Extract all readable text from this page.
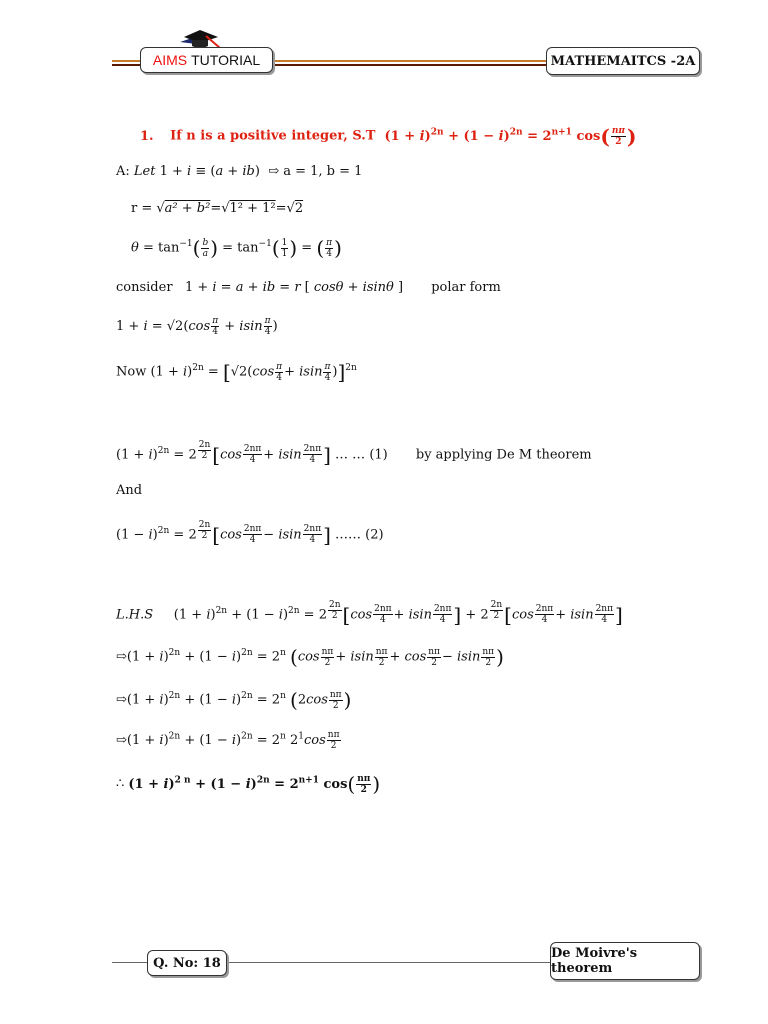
AIMS TUTORIAL	MATHEMAITCS -2A
1. If n is a positive integer, S.T $(1 + i)^{2n} + (1 - i)^{2n} = 2^{n+1}$ $\cos( \frac{n\pi}{2}$ )
A: Let 1 + i ≡ (a + ib)  ⇨ a = 1, b = 1
r = √a² + b²=√1² + 1²=√2
$\theta = \tan^{-1}( \frac{b}{a}$ ) = $\tan^{-1}( \frac{1}{1}$ ) = ( $\frac{\pi}{4}$ )
consider   1 + i = a + ib = r [ cosθ + isinθ ] polar form
$1 + i = √2(\cos \frac{\pi}{4} + isin \frac{\pi}{4}$ )
Now $(1 + i)^{2n} = [√2(\cos \frac{\pi}{4} + isin \frac{\pi}{4} )]^{2n}$
$(1 + i)^{2n} = 2$ $^{\frac{2n}{2}}$ [$\cos \frac{2n\pi}{4} + isin \frac{2n\pi}{4}$ ] … … (1) by applying De M theorem
And
$(1 - i)^{2n} = 2$ $^{\frac{2n}{2}}$ [$\cos \frac{2n\pi}{4} - isin \frac{2n\pi}{4}$ ] …… (2)
L.H.S     $(1 + i)^{2n} + (1 - i)^{2n} = 2$ $^{\frac{2n}{2}}$ [$\cos \frac{2n\pi}{4} + isin \frac{2n\pi}{4}$ ] + 2 $^{\frac{2n}{2}}$ [$\cos \frac{2n\pi}{4} + isin \frac{2n\pi}{4}$ ]
⇨(1 + $i)^{2n} + (1 - i)^{2n} = 2^n$ ($\cos \frac{n\pi}{2} + isin \frac{n\pi}{2} + \cos \frac{n\pi}{2} - isin \frac{n\pi}{2}$ )
⇨(1 + $i)^{2n} + (1 - i)^{2n} = 2^n$ ($2\cos \frac{n\pi}{2}$ )
⇨(1 + $i)^{2n} + (1 - i)^{2n} = 2^n$ $2^1\cos \frac{n\pi}{2}$
∴ $(1 + i)^{2 n} + (1 - i)^{2n} = 2^{n+1}$ $\cos( \frac{n\pi}{2}$ )
Q. No: 18
De Moivre's theorem
